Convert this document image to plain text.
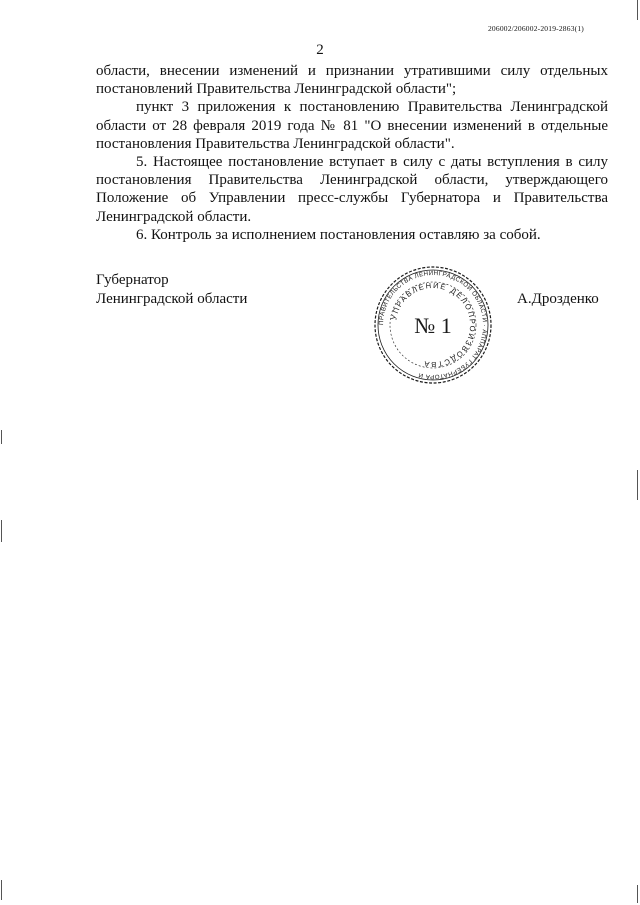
206002/206002-2019-2863(1)
2

области, внесении изменений и признании утратившими силу отдельных

постановлений Правительства Ленинградской области";

пункт 3 приложения к постановлению Правительства Ленинградской

области от 28 февраля 2019 года № 81 "О внесении изменений в отдельные

постановления Правительства Ленинградской области".

5. Настоящее постановление вступает в силу с даты вступления в силу

постановления Правительства Ленинградской области, утверждающего

Положение об Управлении пресс-службы Губернатора и Правительства

Ленинградской области.

6. Контроль за исполнением постановления оставляю за собой.

Губернатор
Ленинградской области	А.Дрозденко
ПРАВИТЕЛЬСТВА ЛЕНИНГРАДСКОЙ ОБЛАСТИ · АППАРАТ ГУБЕРНАТОРА И
УПРАВЛЕНИЕ ДЕЛОПРОИЗВОДСТВА
№ 1
